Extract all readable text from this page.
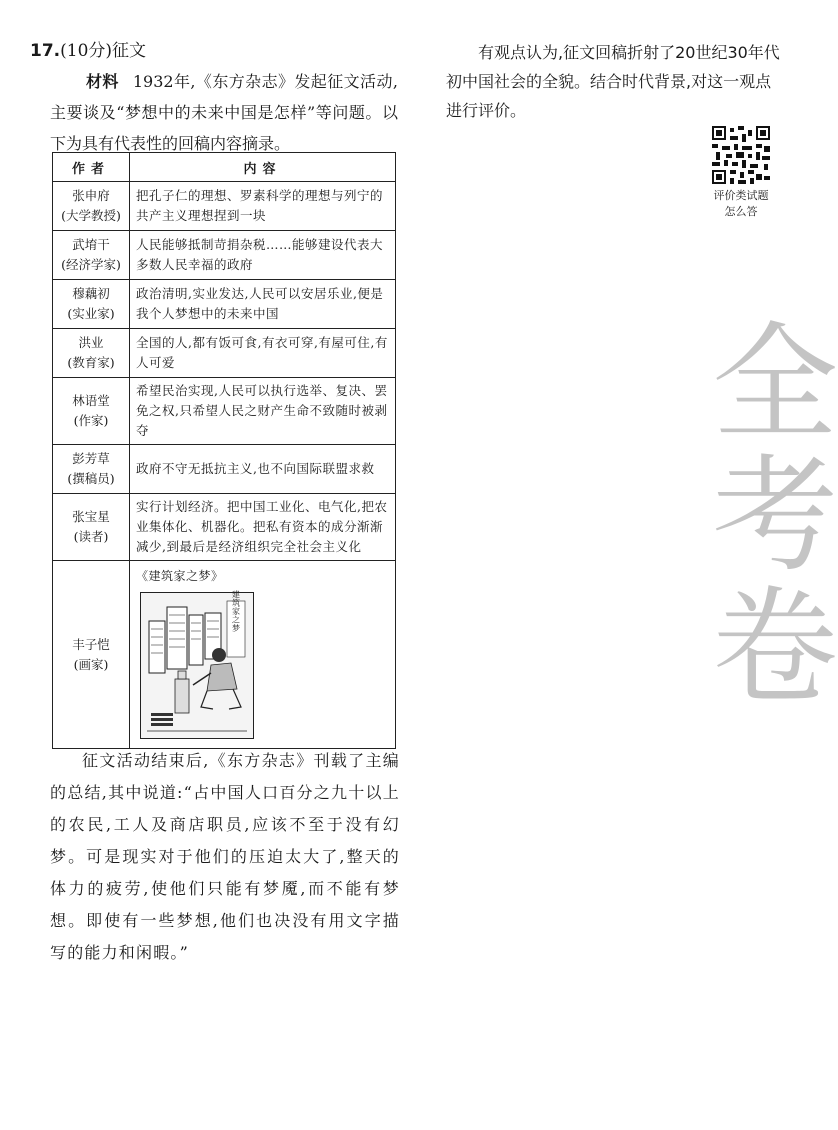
17.(10分)征文
材料 1932年,《东方杂志》发起征文活动,主要谈及“梦想中的未来中国是怎样”等问题。以下为具有代表性的回稿内容摘录。
作者	内容
张申府
(大学教授)	把孔子仁的理想、罗素科学的理想与列宁的共产主义理想捏到一块
武堉干
(经济学家)	人民能够抵制苛捐杂税……能够建设代表大多数人民幸福的政府
穆藕初
(实业家)	政治清明,实业发达,人民可以安居乐业,便是我个人梦想中的未来中国
洪业
(教育家)	全国的人,都有饭可食,有衣可穿,有屋可住,有人可爱
林语堂
(作家)	希望民治实现,人民可以执行选举、复决、罢免之权,只希望人民之财产生命不致随时被剥夺
彭芳草
(撰稿员)	政府不守无抵抗主义,也不向国际联盟求救
张宝星
(读者)	实行计划经济。把中国工业化、电气化,把农业集体化、机器化。把私有资本的成分渐渐减少,到最后是经济组织完全社会主义化
丰子恺
(画家)	《建筑家之梦》
建筑家之梦
征文活动结束后,《东方杂志》刊载了主编的总结,其中说道:“占中国人口百分之九十以上的农民,工人及商店职员,应该不至于没有幻梦。可是现实对于他们的压迫太大了,整天的体力的疲劳,使他们只能有梦魇,而不能有梦想。即使有一些梦想,他们也决没有用文字描写的能力和闲暇。”
有观点认为,征文回稿折射了20世纪30年代初中国社会的全貌。结合时代背景,对这一观点进行评价。
评价类试题
怎么答
全
考
卷
